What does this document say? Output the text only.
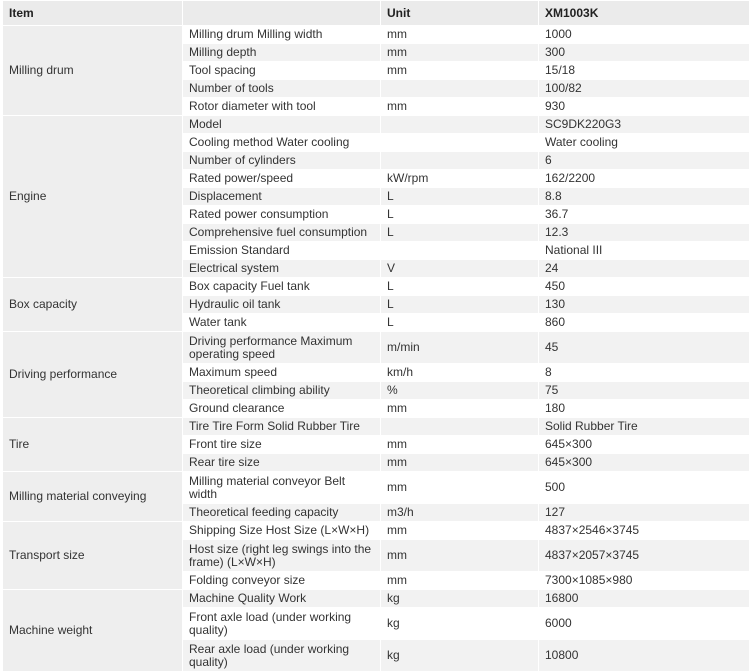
Item		Unit	XM1003K
Milling drum	Milling drum Milling width	mm	1000
	Milling depth	mm	300
	Tool spacing	mm	15/18
	Number of tools		100/82
	Rotor diameter with tool	mm	930
Engine	Model		SC9DK220G3
	Cooling method Water cooling		Water cooling
	Number of cylinders		6
	Rated power/speed	kW/rpm	162/2200
	Displacement	L	8.8
	Rated power consumption	L	36.7
	Comprehensive fuel consumption	L	12.3
	Emission Standard		National III
	Electrical system	V	24
Box capacity	Box capacity Fuel tank	L	450
	Hydraulic oil tank	L	130
	Water tank	L	860
Driving performance	Driving performance Maximum operating speed	m/min	45
	Maximum speed	km/h	8
	Theoretical climbing ability	%	75
	Ground clearance	mm	180
Tire	Tire Tire Form Solid Rubber Tire		Solid Rubber Tire
	Front tire size	mm	645×300
	Rear tire size	mm	645×300
Milling material conveying	Milling material conveyor Belt width	mm	500
	Theoretical feeding capacity	m3/h	127
Transport size	Shipping Size Host Size (L×W×H)	mm	4837×2546×3745
	Host size (right leg swings into the frame) (L×W×H)	mm	4837×2057×3745
	Folding conveyor size	mm	7300×1085×980
Machine weight	Machine Quality Work	kg	16800
	Front axle load (under working quality)	kg	6000
	Rear axle load (under working quality)	kg	10800
